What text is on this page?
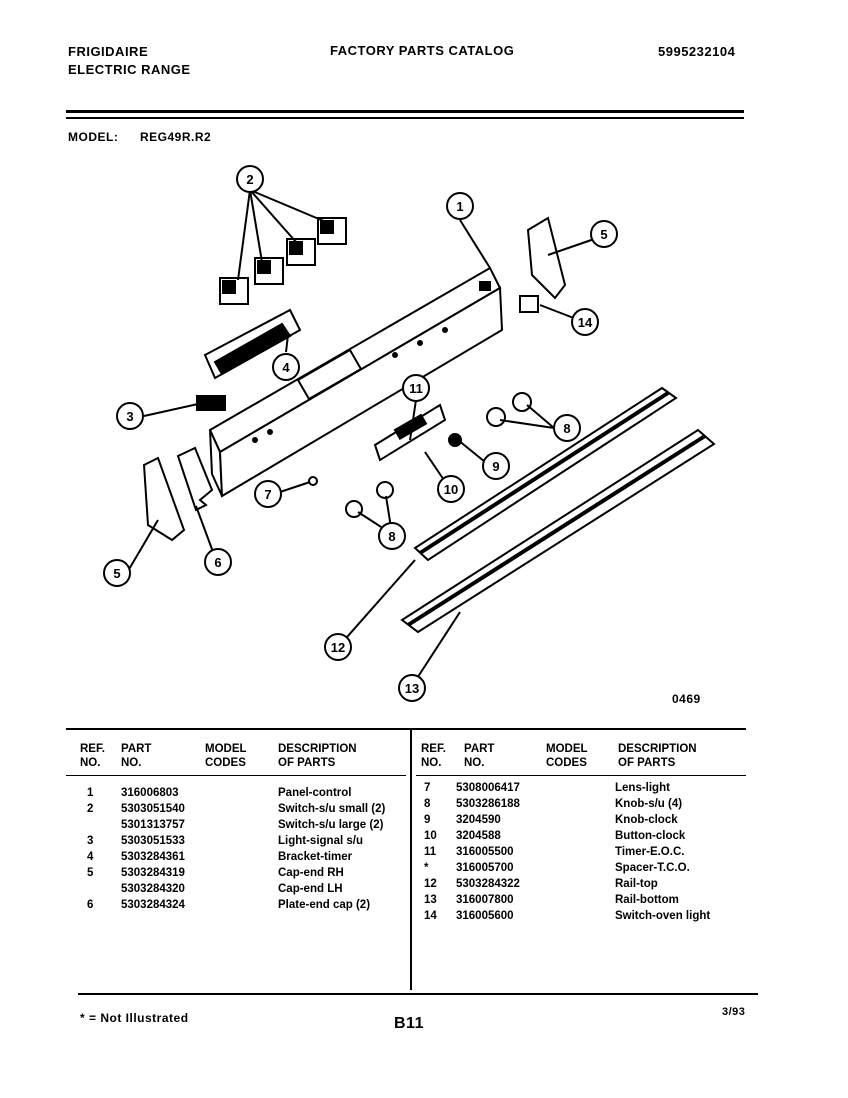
FRIGIDAIRE
ELECTRIC RANGE
FACTORY PARTS CATALOG	5995232104
MODEL: REG49R.R2
1
2
3
4
5
5
6
7
8
8
9
10
11
12
13
14
0469
REF.
NO.
PART
NO.
MODEL
CODES
DESCRIPTION
OF PARTS
REF.
NO.
PART
NO.
MODEL
CODES
DESCRIPTION
OF PARTS
1
2
3
4
5
6
316006803
5303051540
5301313757
5303051533
5303284361
5303284319
5303284320
5303284324
Panel-control
Switch-s/u small (2)
Switch-s/u large (2)
Light-signal s/u
Bracket-timer
Cap-end RH
Cap-end LH
Plate-end cap (2)
7
8
9
10
11
*
12
13
14
5308006417
5303286188
3204590
3204588
316005500
316005700
5303284322
316007800
316005600
Lens-light
Knob-s/u (4)
Knob-clock
Button-clock
Timer-E.O.C.
Spacer-T.C.O.
Rail-top
Rail-bottom
Switch-oven light
* = Not Illustrated	B11
3/93
